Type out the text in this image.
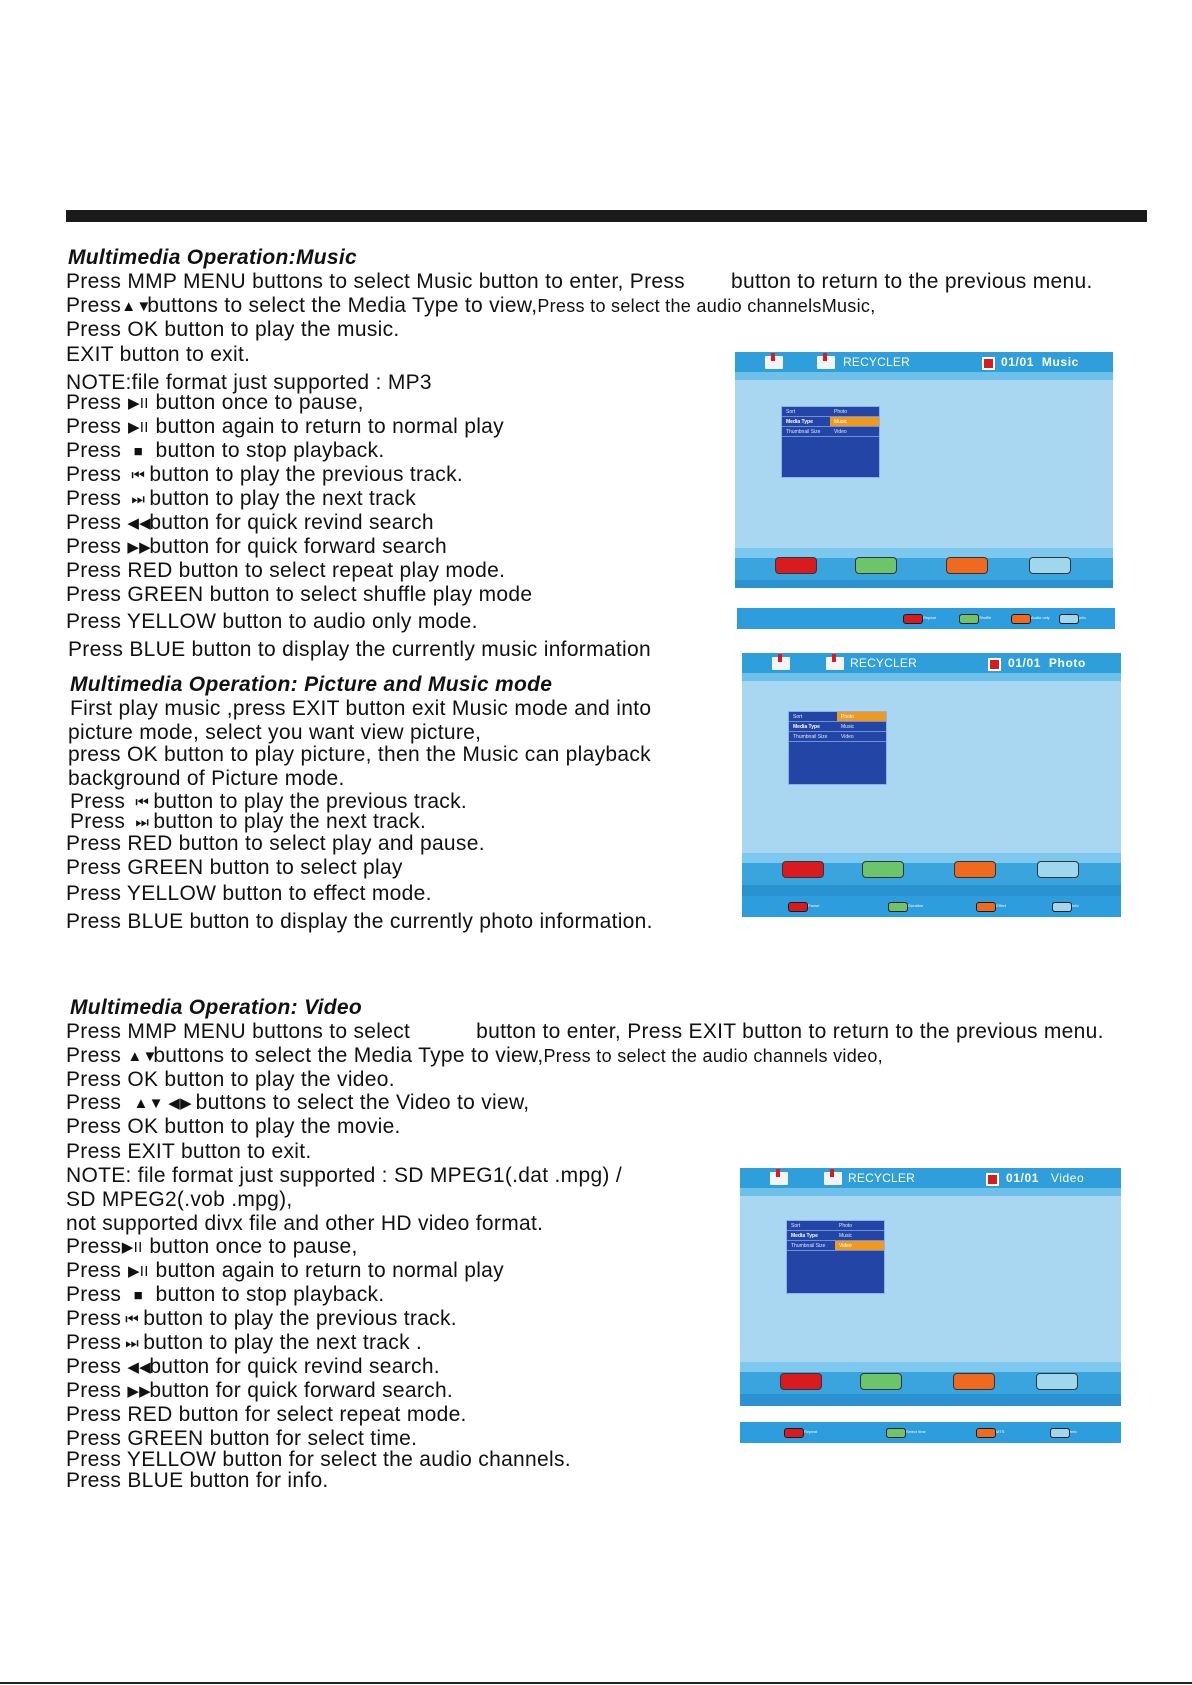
Multimedia Operation:Music
Press MMP MENU buttons to select Music button to enter, Press button to return to the previous menu.
Press▲▼buttons to select the Media Type to view,Press to select the audio channelsMusic,
Press OK button to play the music.
EXIT button to exit.
NOTE:file format just supported : MP3
Press ▶II button once to pause,
Press ▶II button again to return to normal play
Press ■ button to stop playback.
Press ⏮ button to play the previous track.
Press ⏭ button to play the next track
Press ◀◀button for quick revind search
Press ▶▶button for quick forward search
Press RED button to select repeat play mode.
Press GREEN button to select shuffle play mode
Press YELLOW button to audio only mode.
Press BLUE button to display the currently music information
RECYCLER	01/01 Music
Sort	Photo
Media Type	Music
Thumbnail Size	Video
Repeat	Shuffle	Audio only	Info
Multimedia Operation: Picture and Music mode
First play music ,press EXIT button exit Music mode and into
picture mode, select you want view picture,
press OK button to play picture, then the Music can playback
background of Picture mode.
Press ⏮ button to play the previous track.
Press ⏭ button to play the next track.
Press RED button to select play and pause.
Press GREEN button to select play
Press YELLOW button to effect mode.
Press BLUE button to display the currently photo information.
RECYCLER	01/01 Photo
Sort	Photo
Media Type	Music
Thumbnail Size	Video
Pause	Duration	Effect	Info
Multimedia Operation: Video
Press MMP MENU buttons to select	button to enter, Press EXIT button to return to the previous menu.
Press ▲▼buttons to select the Media Type to view,Press to select the audio channels video,
Press OK button to play the video.
Press ▲▼ ◀▶ buttons to select the Video to view,
Press OK button to play the movie.
Press EXIT button to exit.
NOTE: file format just supported : SD MPEG1(.dat .mpg) /
SD MPEG2(.vob .mpg),
not supported divx file and other HD video format.
Press▶II button once to pause,
Press ▶II button again to return to normal play
Press ■ button to stop playback.
Press ⏮ button to play the previous track.
Press ⏭ button to play the next track .
Press ◀◀button for quick revind search.
Press ▶▶button for quick forward search.
Press RED button for select repeat mode.
Press GREEN button for select time.
Press YELLOW button for select the audio channels.
Press BLUE button for info.
RECYCLER	01/01 Video
Sort	Photo
Media Type	Music
Thumbnail Size	Video
Repeat	Select time	MTS	Info
